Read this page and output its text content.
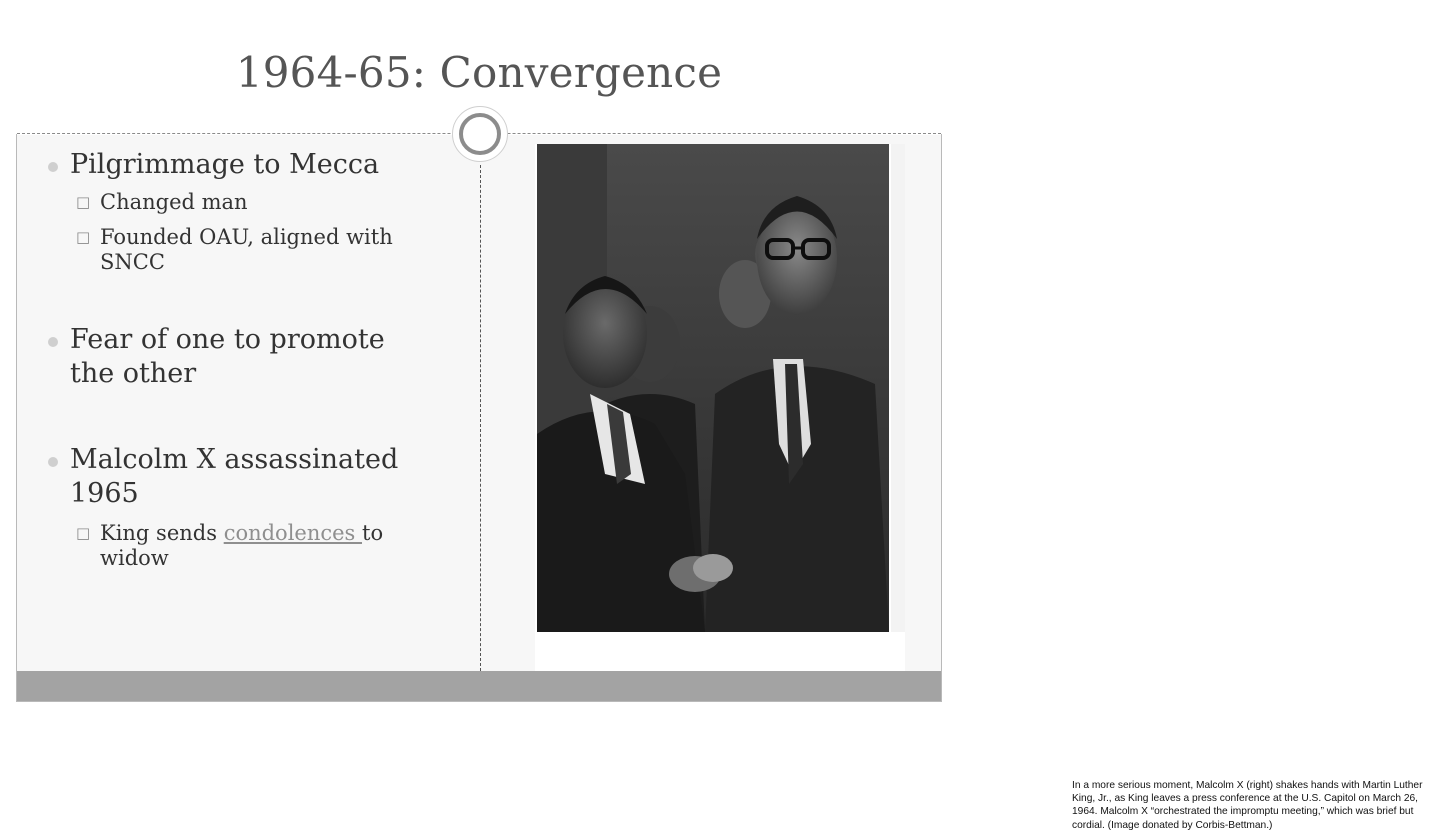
1964-65: Convergence
Pilgrimmage to Mecca
□ Changed man
□ Founded OAU, aligned with SNCC
Fear of one to promote the other
Malcolm X assassinated 1965
□ King sends condolences to widow

In a more serious moment, Malcolm X (right) shakes hands with Martin Luther King, Jr., as King leaves a press conference at the U.S. Capitol on March 26, 1964. Malcolm X “orchestrated the impromptu meeting,” which was brief but cordial. (Image donated by Corbis-Bettman.)
